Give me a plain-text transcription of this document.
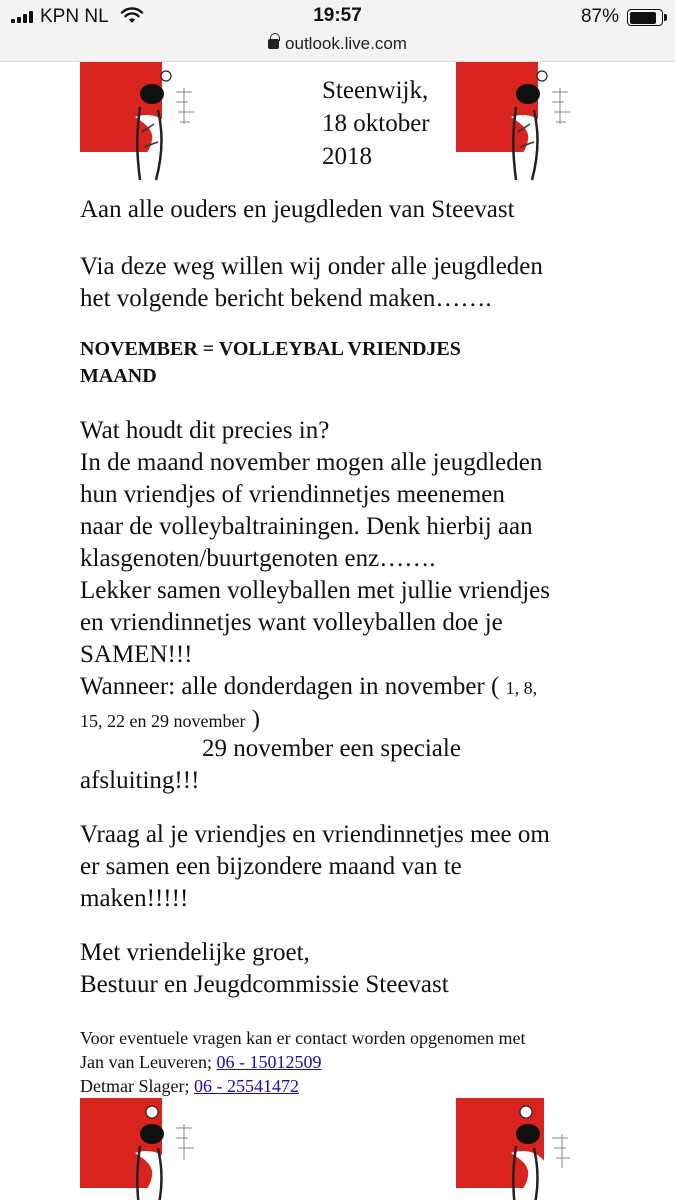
KPN NL	19:57	87%
outlook.live.com
Steenwijk,
18 oktober
2018
Aan alle ouders en jeugdleden van Steevast
Via deze weg willen wij onder alle jeugdleden
het volgende bericht bekend maken…….
NOVEMBER = VOLLEYBAL VRIENDJES
MAAND
Wat houdt dit precies in?
In de maand november mogen alle jeugdleden
hun vriendjes of vriendinnetjes meenemen
naar de volleybaltrainingen. Denk hierbij aan
klasgenoten/buurtgenoten enz…….
Lekker samen volleyballen met jullie vriendjes
en vriendinnetjes want volleyballen doe je
SAMEN!!!
Wanneer: alle donderdagen in november ( 1, 8,
15, 22 en 29 november )
29 november een speciale
afsluiting!!!
Vraag al je vriendjes en vriendinnetjes mee om
er samen een bijzondere maand van te
maken!!!!!
Met vriendelijke groet,
Bestuur en Jeugdcommissie Steevast
Voor eventuele vragen kan er contact worden opgenomen met
Jan van Leuveren; 06 - 15012509
Detmar Slager; 06 - 25541472
